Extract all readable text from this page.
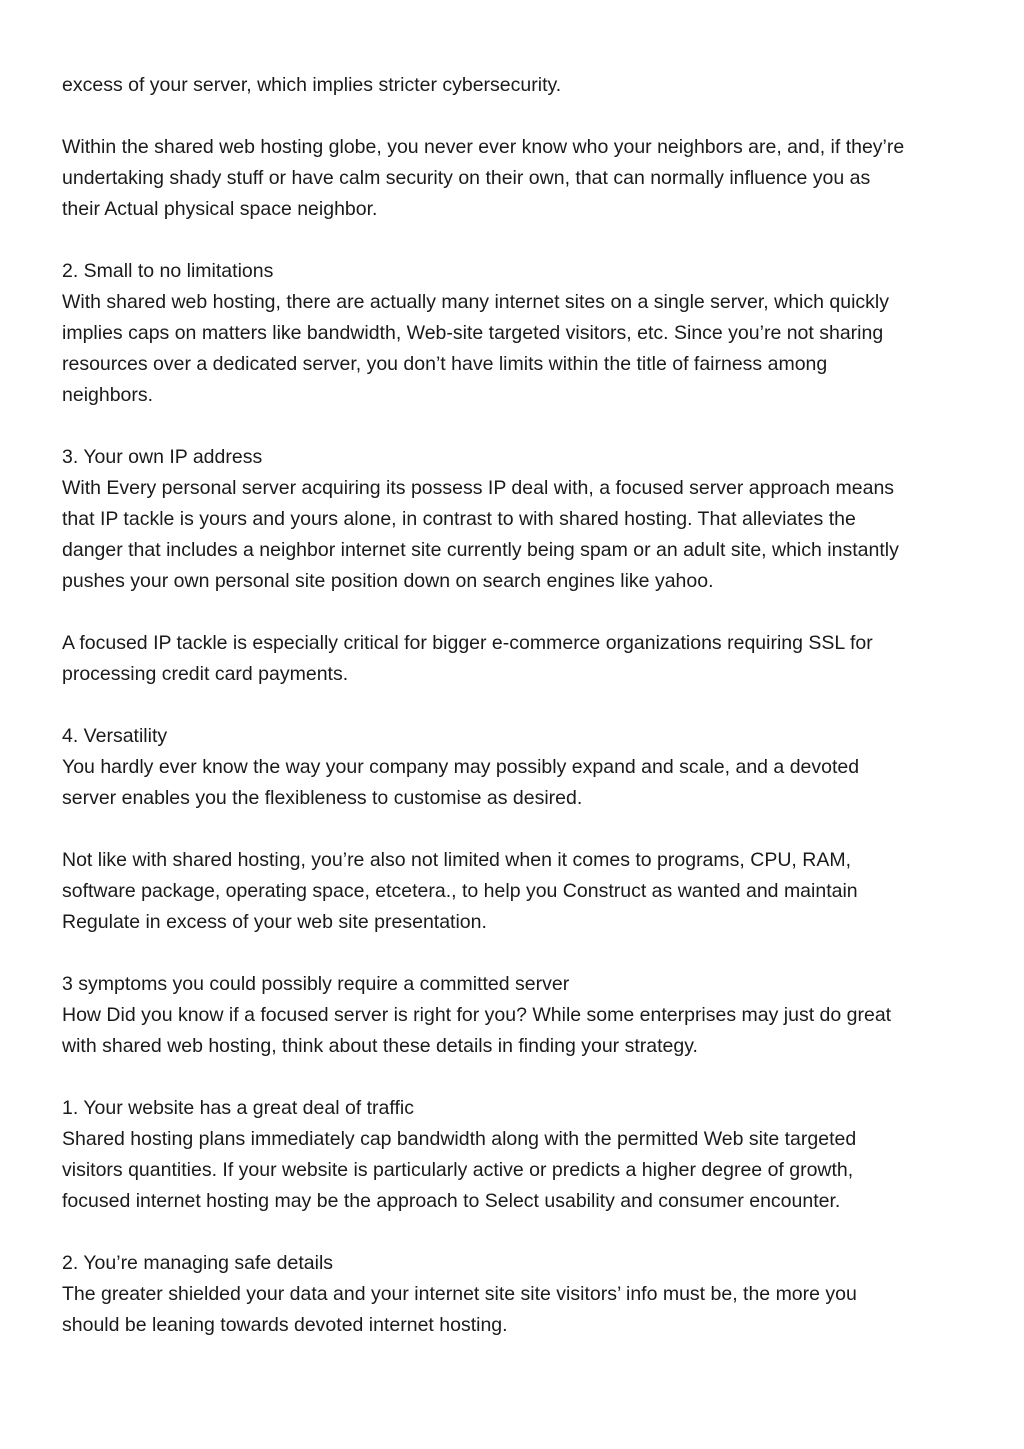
excess of your server, which implies stricter cybersecurity.

Within the shared web hosting globe, you never ever know who your neighbors are, and, if they’re
undertaking shady stuff or have calm security on their own, that can normally influence you as
their Actual physical space neighbor.

2. Small to no limitations

With shared web hosting, there are actually many internet sites on a single server, which quickly
implies caps on matters like bandwidth, Web-site targeted visitors, etc. Since you’re not sharing
resources over a dedicated server, you don’t have limits within the title of fairness among
neighbors.

3. Your own IP address

With Every personal server acquiring its possess IP deal with, a focused server approach means
that IP tackle is yours and yours alone, in contrast to with shared hosting. That alleviates the
danger that includes a neighbor internet site currently being spam or an adult site, which instantly
pushes your own personal site position down on search engines like yahoo.

A focused IP tackle is especially critical for bigger e-commerce organizations requiring SSL for
processing credit card payments.

4. Versatility

You hardly ever know the way your company may possibly expand and scale, and a devoted
server enables you the flexibleness to customise as desired.

Not like with shared hosting, you’re also not limited when it comes to programs, CPU, RAM,
software package, operating space, etcetera., to help you Construct as wanted and maintain
Regulate in excess of your web site presentation.

3 symptoms you could possibly require a committed server

How Did you know if a focused server is right for you? While some enterprises may just do great
with shared web hosting, think about these details in finding your strategy.

1. Your website has a great deal of traffic

Shared hosting plans immediately cap bandwidth along with the permitted Web site targeted
visitors quantities. If your website is particularly active or predicts a higher degree of growth,
focused internet hosting may be the approach to Select usability and consumer encounter.

2. You’re managing safe details

The greater shielded your data and your internet site site visitors’ info must be, the more you
should be leaning towards devoted internet hosting.
